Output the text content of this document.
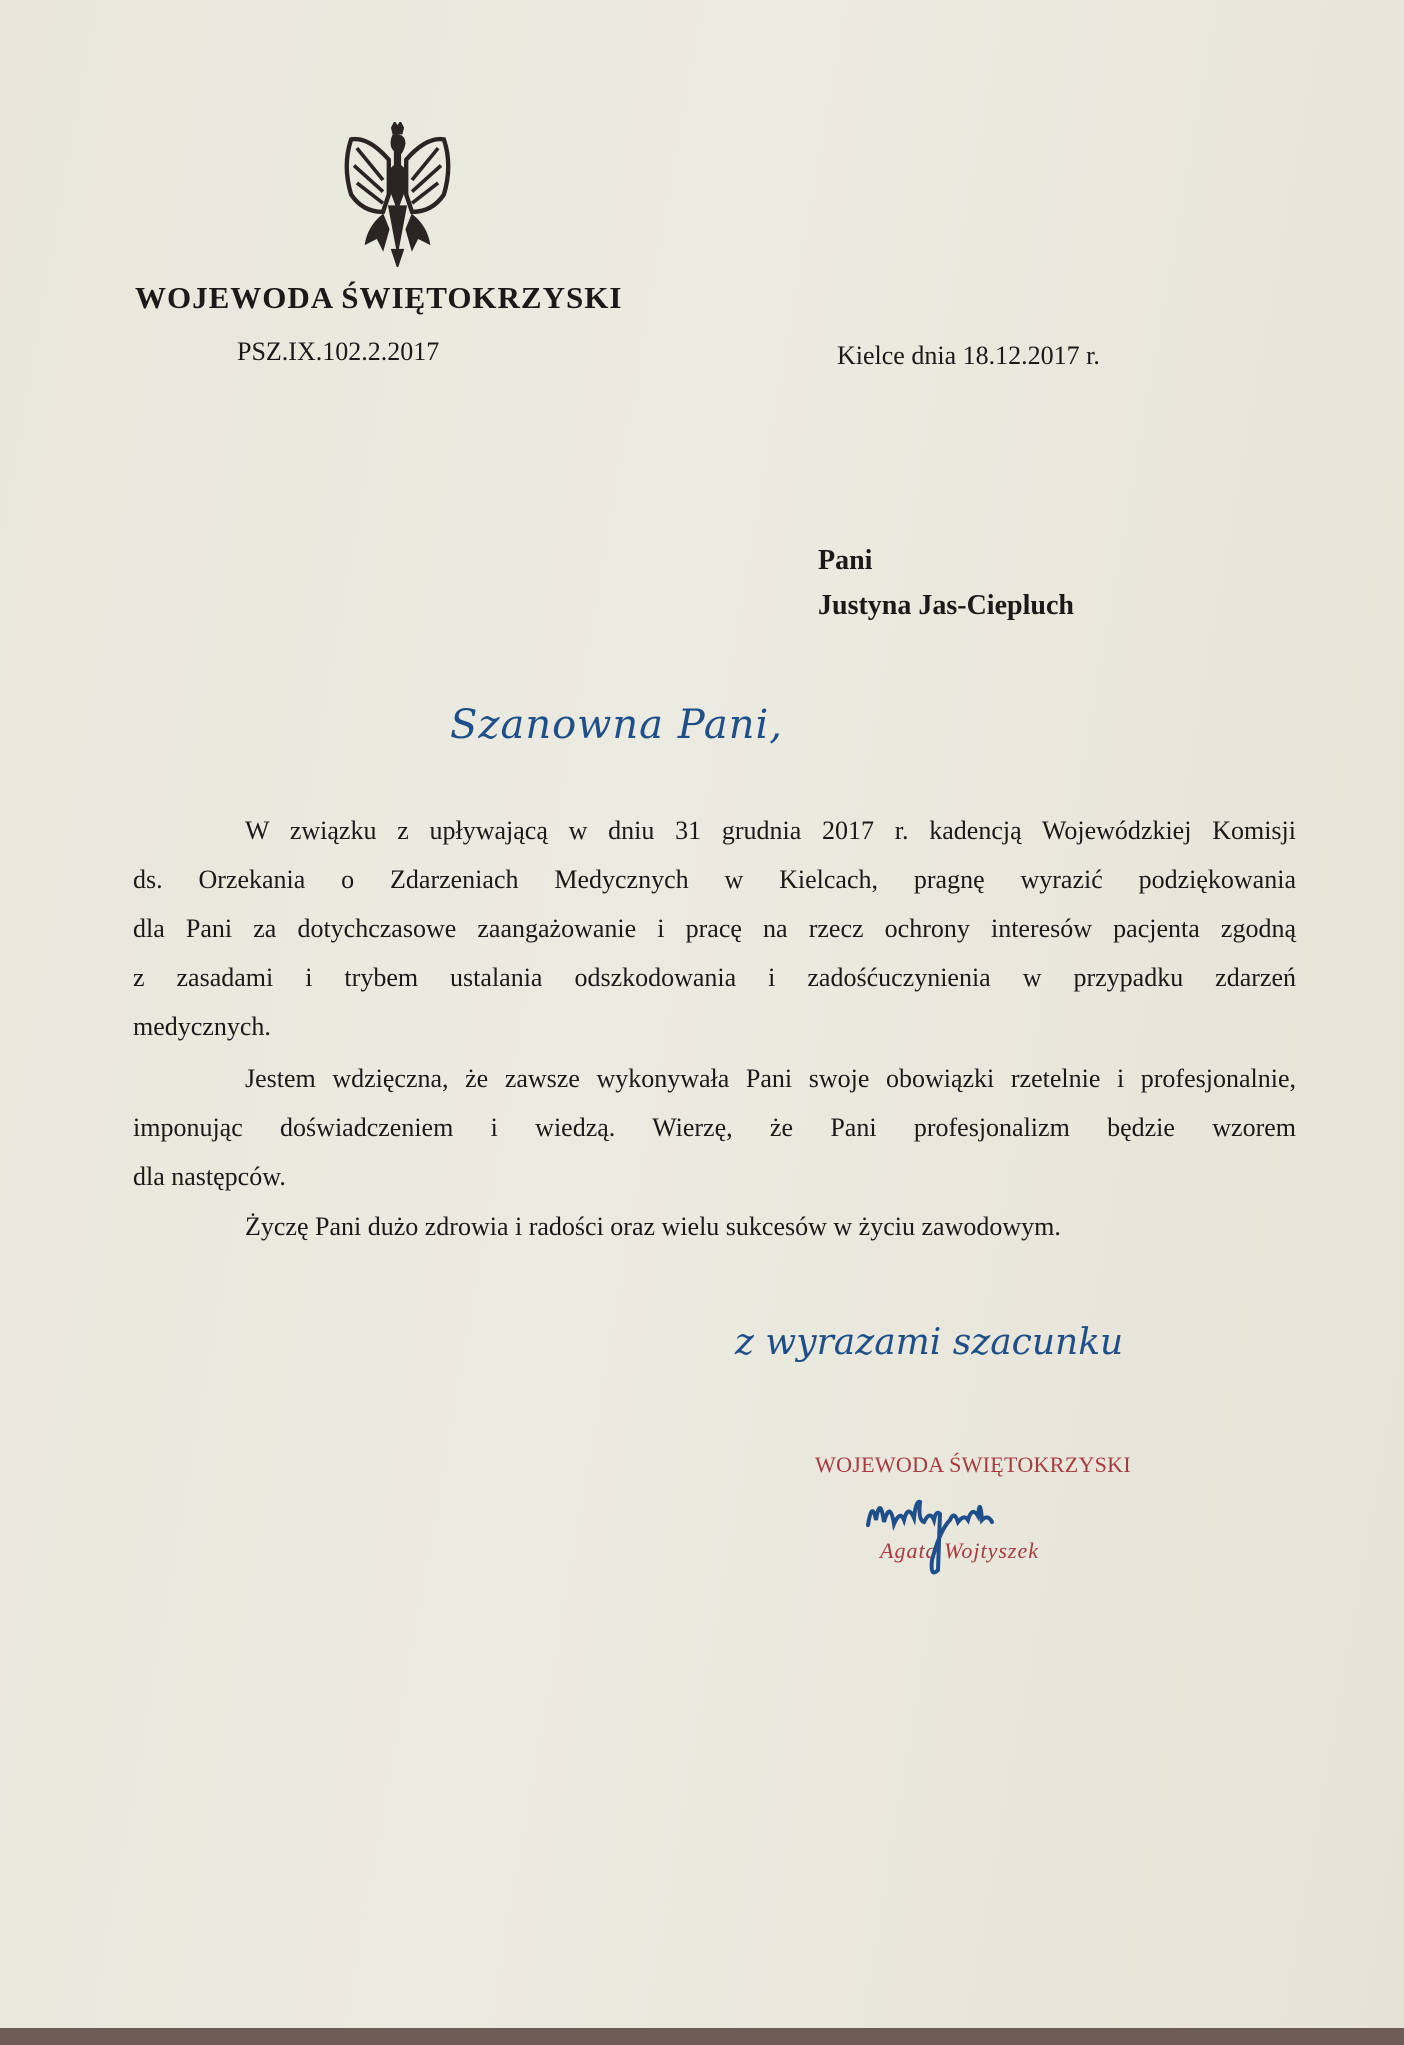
WOJEWODA ŚWIĘTOKRZYSKI
PSZ.IX.102.2.2017	Kielce dnia 18.12.2017 r.
Pani
Justyna Jas-Ciepluch
Szanowna Pani,
W związku z upływającą w dniu 31 grudnia 2017 r. kadencją Wojewódzkiej Komisji
ds. Orzekania o Zdarzeniach Medycznych w Kielcach, pragnę wyrazić podziękowania
dla Pani za dotychczasowe zaangażowanie i pracę na rzecz ochrony interesów pacjenta zgodną
z zasadami i trybem ustalania odszkodowania i zadośćuczynienia w przypadku zdarzeń
medycznych.
Jestem wdzięczna, że zawsze wykonywała Pani swoje obowiązki rzetelnie i profesjonalnie,
imponując doświadczeniem i wiedzą. Wierzę, że Pani profesjonalizm będzie wzorem
dla następców.
Życzę Pani dużo zdrowia i radości oraz wielu sukcesów w życiu zawodowym.
z wyrazami szacunku
WOJEWODA ŚWIĘTOKRZYSKI
Agata Wojtyszek
